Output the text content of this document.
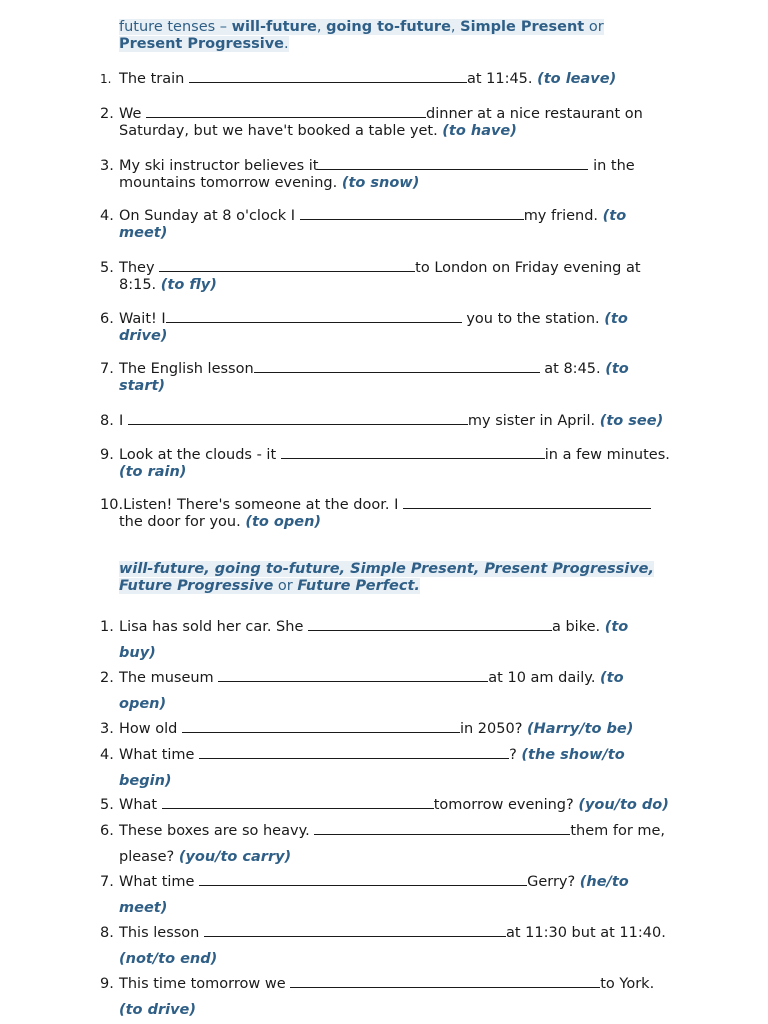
future tenses – will-future, going to-future, Simple Present or
Present Progressive.
1. The train	at 11:45. (to leave)
2. We	dinner at a nice restaurant on
Saturday, but we have't booked a table yet. (to have)
3. My ski instructor believes it	in the
mountains tomorrow evening. (to snow)
4. On Sunday at 8 o'clock I	my friend. (to
meet)
5. They	to London on Friday evening at
8:15. (to fly)
6. Wait! I	you to the station. (to
drive)
7. The English lesson	at 8:45. (to
start)
8. I	my sister in April. (to see)
9. Look at the clouds - it	in a few minutes.
(to rain)
10.Listen! There's someone at the door. I
the door for you. (to open)
will-future, going to-future, Simple Present, Present Progressive,
Future Progressive or Future Perfect.
1. Lisa has sold her car. She	a bike. (to
buy)
2. The museum	at 10 am daily. (to
open)
3. How old	in 2050? (Harry/to be)
4. What time	? (the show/to
begin)
5. What	tomorrow evening? (you/to do)
6. These boxes are so heavy.	them for me,
please? (you/to carry)
7. What time	Gerry? (he/to
meet)
8. This lesson	at 11:30 but at 11:40.
(not/to end)
9. This time tomorrow we	to York.
(to drive)
